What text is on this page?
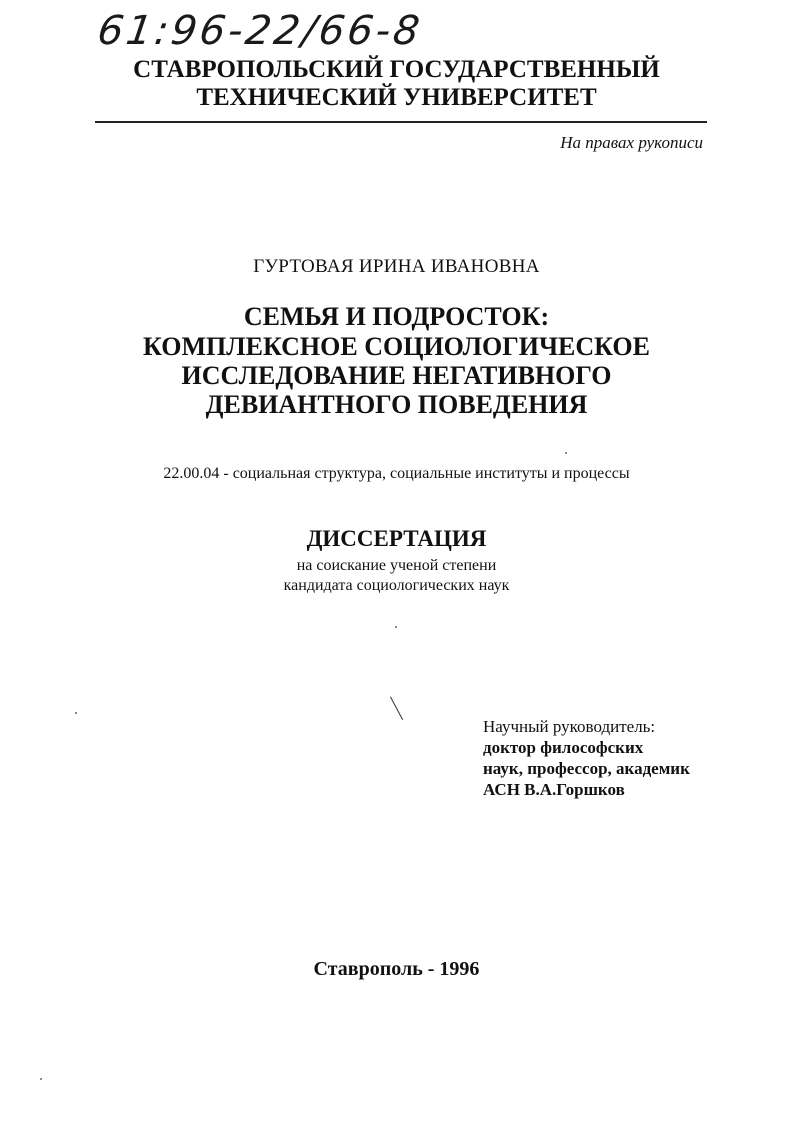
61:96-22/66-8
СТАВРОПОЛЬСКИЙ ГОСУДАРСТВЕННЫЙ
ТЕХНИЧЕСКИЙ УНИВЕРСИТЕТ
На правах рукописи
ГУРТОВАЯ ИРИНА ИВАНОВНА
СЕМЬЯ И ПОДРОСТОК:
КОМПЛЕКСНОЕ СОЦИОЛОГИЧЕСКОЕ
ИССЛЕДОВАНИЕ НЕГАТИВНОГО
ДЕВИАНТНОГО ПОВЕДЕНИЯ
22.00.04 - социальная структура, социальные институты и процессы
ДИССЕРТАЦИЯ
на соискание ученой степени
кандидата социологических наук
Научный руководитель:
доктор философских
наук, профессор, академик
АСН В.А.Горшков
Ставрополь - 1996
